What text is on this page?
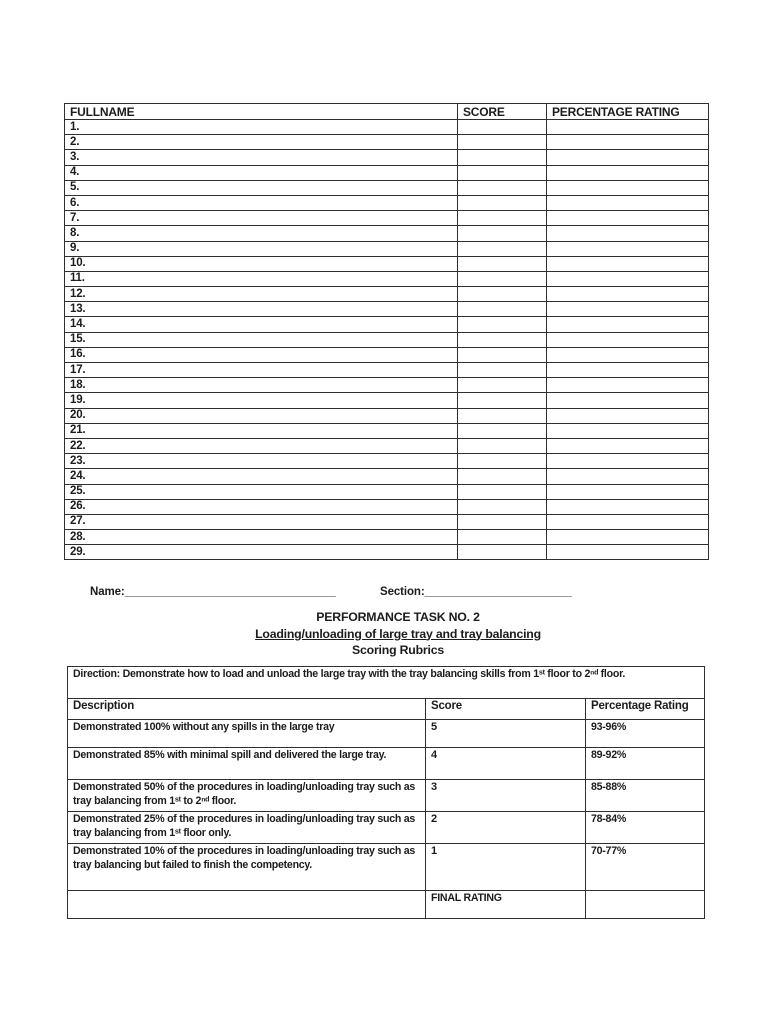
FULLNAME	SCORE	PERCENTAGE RATING
1.		
2.		
3.		
4.		
5.		
6.		
7.		
8.		
9.		
10.		
11.		
12.		
13.		
14.		
15.		
16.		
17.		
18.		
19.		
20.		
21.		
22.		
23.		
24.		
25.		
26.		
27.		
28.		
29.		
Name:_________________________________	Section:_______________________
PERFORMANCE TASK NO. 2
Loading/unloading of large tray and tray balancing
Scoring Rubrics
Direction: Demonstrate how to load and unload the large tray with the tray balancing skills from 1ˢᵗ floor to 2ⁿᵈ floor.		
Description	Score	Percentage Rating
Demonstrated 100% without any spills in the large tray	5	93-96%
Demonstrated 85% with minimal spill and delivered the large tray.	4	89-92%
Demonstrated 50% of the procedures in loading/unloading tray such as tray balancing from 1ˢᵗ to 2ⁿᵈ floor.	3	85-88%
Demonstrated 25% of the procedures in loading/unloading tray such as tray balancing from 1ˢᵗ floor only.	2	78-84%
Demonstrated 10% of the procedures in loading/unloading tray such as tray balancing but failed to finish the competency.	1	70-77%
	FINAL RATING	
